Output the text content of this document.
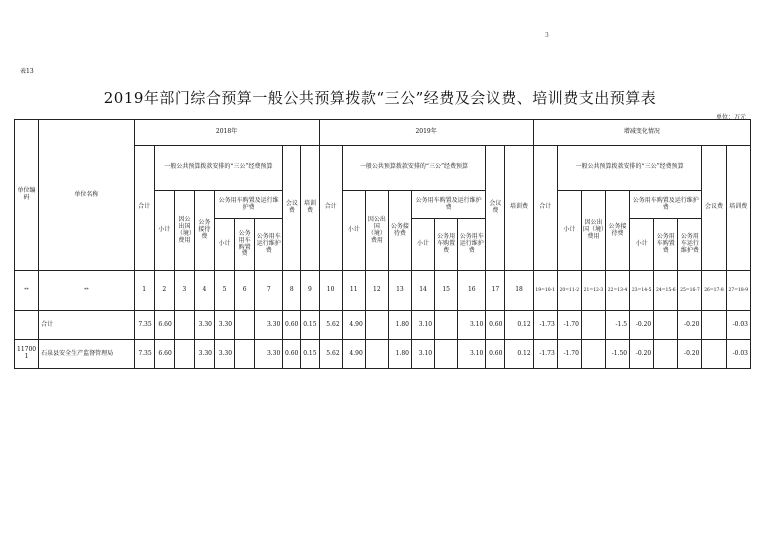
3
表13
2019年部门综合预算一般公共预算拨款“三公”经费及会议费、培训费支出预算表
单位：万元
单位编码	单位名称	2018年									2019年									增减变化情况								
		合计	一般公共预算拨款安排的“三公”经费预算						会议费	培训费	合计	一般公共预算拨款安排的“三公”经费预算						会议费	培训费	合计	一般公共预算拨款安排的“三公”经费预算						会议费	培训费
			小计	因公出国（境）费用	公务接待费	公务用车购置及运行维护费						小计	因公出国（境）费用	公务接待费	公务用车购置及运行维护费						小计	因公出国（境）费用	公务接待费	公务用车购置及运行维护费				
						小计	公务用车购置费	公务用车运行维护费							小计	公务用车购置费	公务用车运行维护费							小计	公务用车购置费	公务用车运行维护费		
**	**	1	2	3	4	5	6	7	8	9	10	11	12	13	14	15	16	17	18	19=10-1	20=11-2	21=12-3	22=13-4	23=14-5	24=15-6	25=16-7	26=17-8	27=18-9
	合计	7.35	6.60		3.30	3.30		3.30	0.60	0.15	5.62	4.90		1.80	3.10		3.10	0.60	0.12	-1.73	-1.70		-1.5	-0.20		-0.20		-0.03
117001	石泉县安全生产监督管理局	7.35	6.60		3.30	3.30		3.30	0.60	0.15	5.62	4.90		1.80	3.10		3.10	0.60	0.12	-1.73	-1.70		-1.50	-0.20		-0.20		-0.03
